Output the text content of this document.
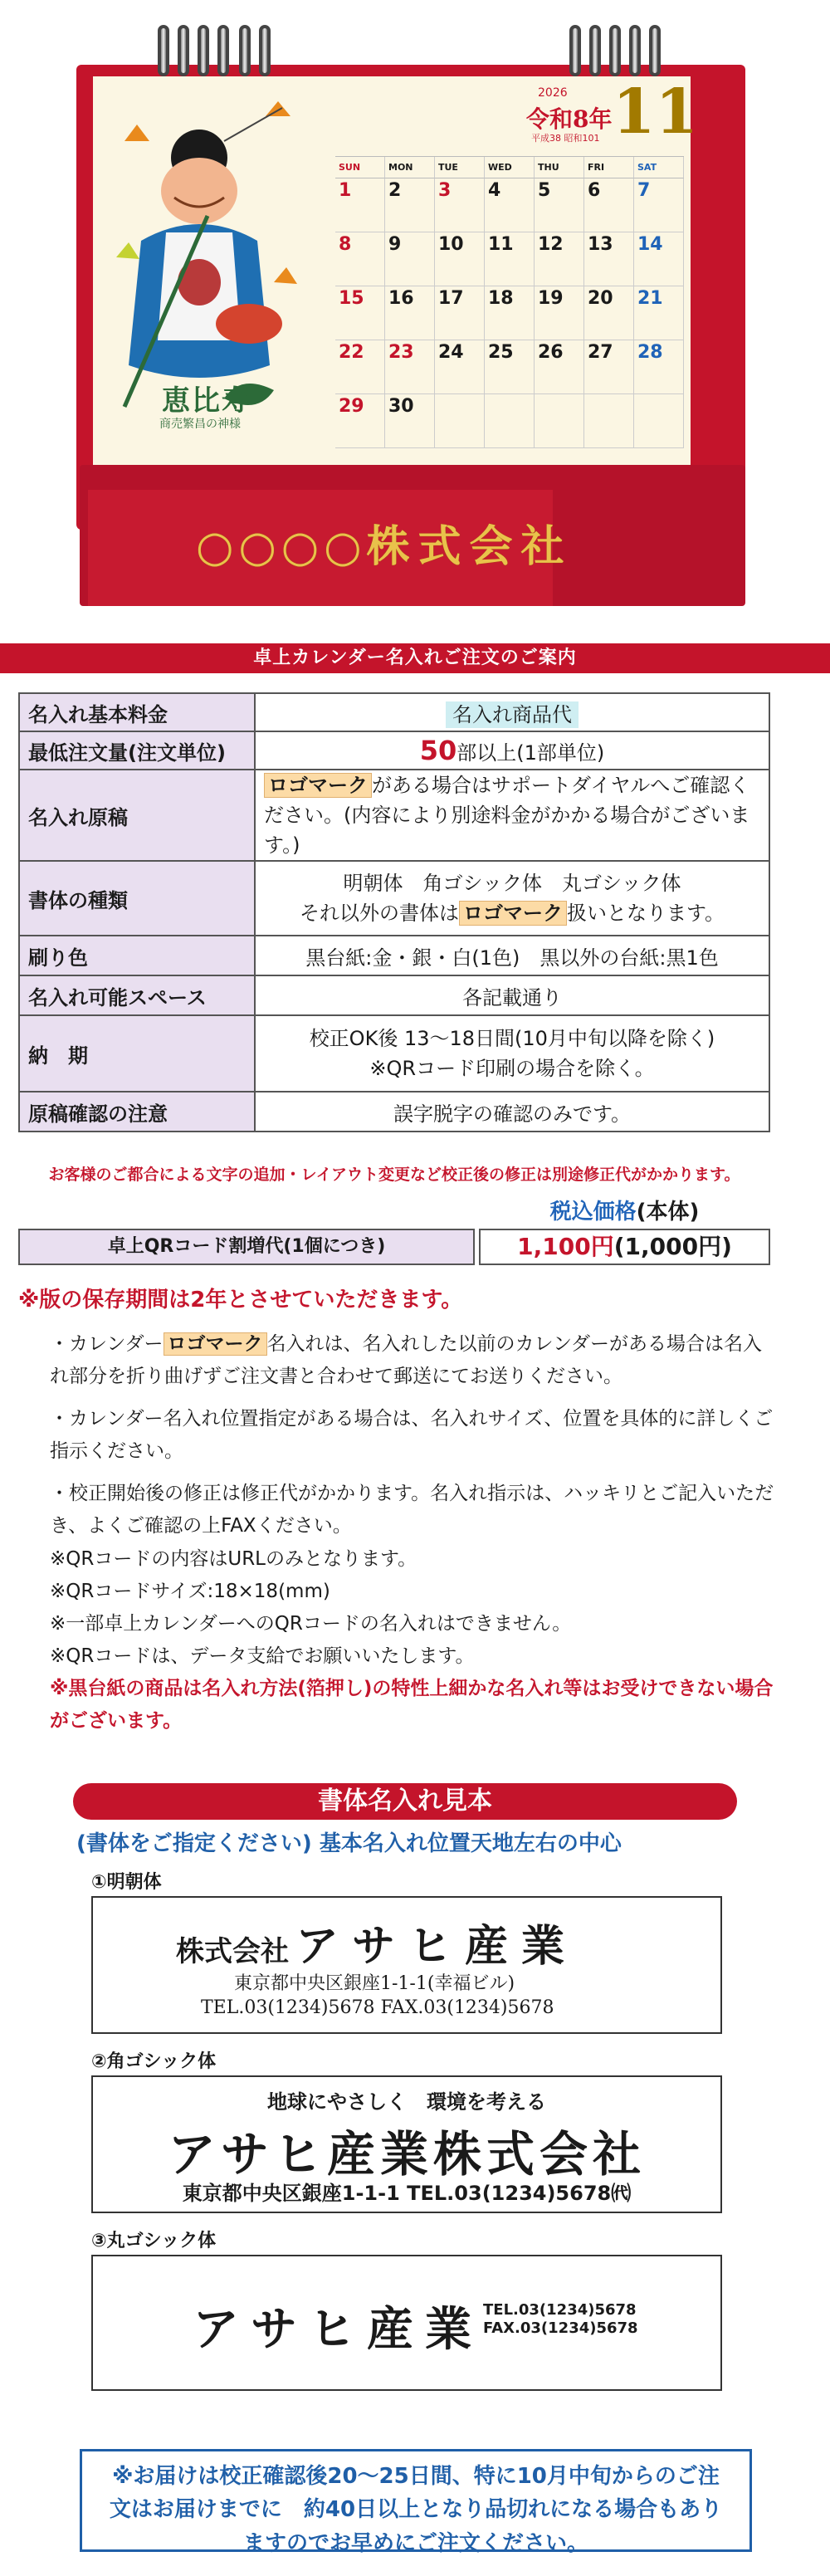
恵比寿
商売繁昌の神様
2026
令和8年
平成38 昭和101 11
SUN	MON	TUE	WED	THU	FRI	SAT
1	2	3	4	5	6	7
8	9	10	11	12	13	14
15	16	17	18	19	20	21
22	23	24	25	26	27	28
29	30
○○○○株式会社
卓上カレンダー名入れご注文のご案内
名入れ基本料金	名入れ商品代
最低注文量(注文単位)	50部以上(1部単位)
名入れ原稿	ロゴマーク がある場合はサポートダイヤルへご確認ください。(内容により別途料金がかかる場合がございます。)
書体の種類	明朝体　角ゴシック体　丸ゴシック体
それ以外の書体は ロゴマーク 扱いとなります。

刷り色	黒台紙:金・銀・白(1色)　黒以外の台紙:黒1色
名入れ可能スペース	各記載通り
納　期	校正OK後 13～18日間(10月中旬以降を除く)
※QRコード印刷の場合を除く。

原稿確認の注意	誤字脱字の確認のみです。
お客様のご都合による文字の追加・レイアウト変更など校正後の修正は別途修正代がかかります。
税込価格(本体)
卓上QRコード割増代(1個につき)	1,100円(1,000円)
※版の保存期間は2年とさせていただきます。

・カレンダー ロゴマーク 名入れは、名入れした以前のカレンダーがある場合は名入れ部分を折り曲げずご注文書と合わせて郵送にてお送りください。

・カレンダー名入れ位置指定がある場合は、名入れサイズ、位置を具体的に詳しくご指示ください。

・校正開始後の修正は修正代がかかります。名入れ指示は、ハッキリとご記入いただき、よくご確認の上FAXください。

※QRコードの内容はURLのみとなります。

※QRコードサイズ:18×18(mm)

※一部卓上カレンダーへのQRコードの名入れはできません。

※QRコードは、データ支給でお願いいたします。

※黒台紙の商品は名入れ方法(箔押し)の特性上細かな名入れ等はお受けできない場合がございます。

書体名入れ見本
(書体をご指定ください) 基本名入れ位置天地左右の中心
①明朝体
株式会社 アサヒ産業
東京都中央区銀座1-1-1(幸福ビル)
TEL.03(1234)5678 FAX.03(1234)5678
②角ゴシック体
地球にやさしく　環境を考える
アサヒ産業株式会社
東京都中央区銀座1-1-1 TEL.03(1234)5678㈹
③丸ゴシック体
アサヒ産業 TEL.03(1234)5678
FAX.03(1234)5678
※お届けは校正確認後20～25日間、特に10月中旬からのご注文はお届けまでに　約40日以上となり品切れになる場合もありますのでお早めにご注文ください。
